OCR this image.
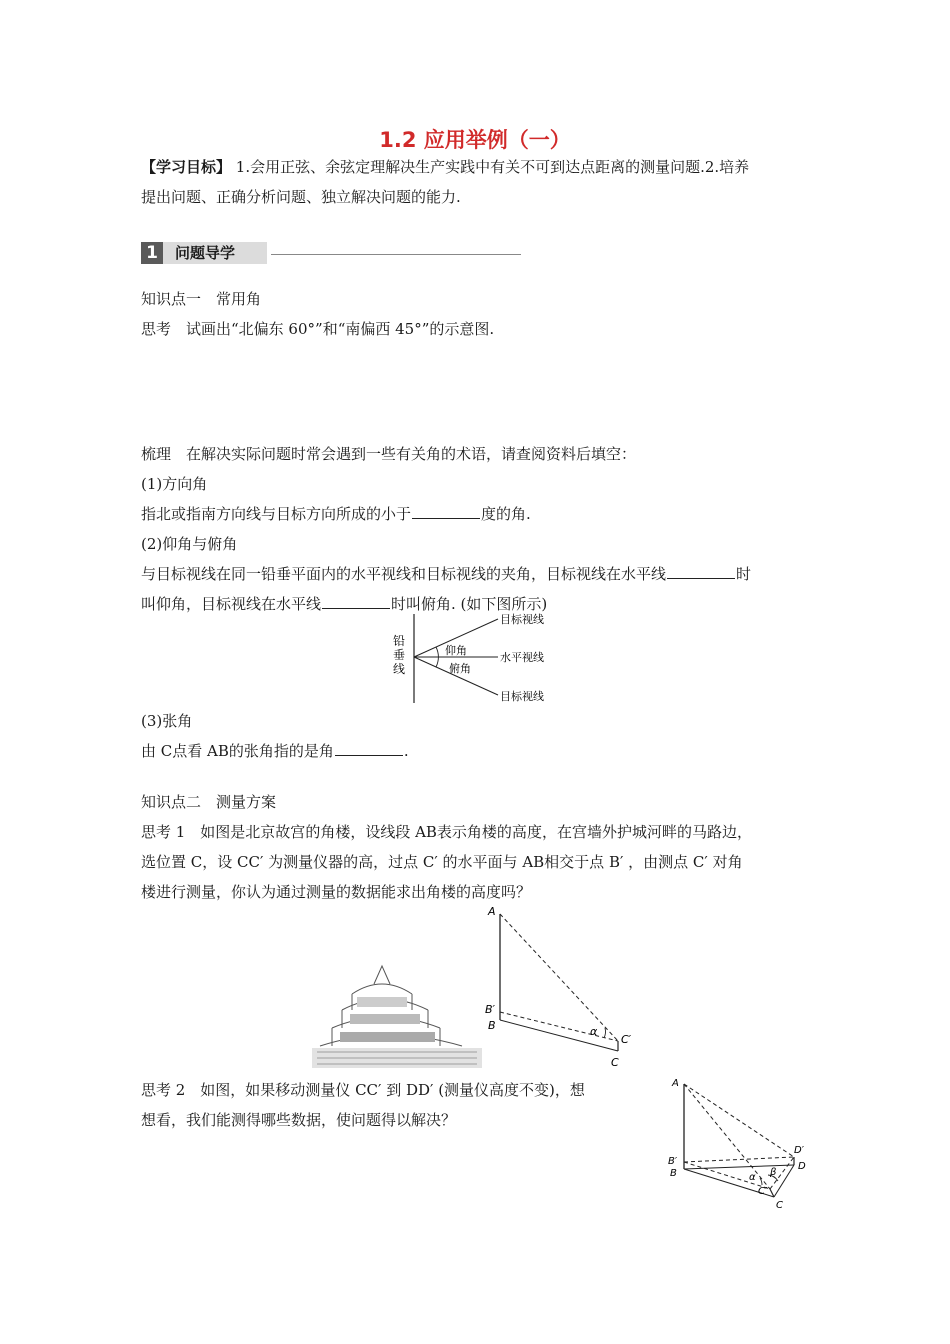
1.2 应用举例（一）
【学习目标】 1.会用正弦、余弦定理解决生产实践中有关不可到达点距离的测量问题.2.培养
提出问题、正确分析问题、独立解决问题的能力.
1	问题导学
知识点一　常用角
思考　试画出“北偏东 60°”和“南偏西 45°”的示意图.
梳理　在解决实际问题时常会遇到一些有关角的术语，请查阅资料后填空：
(1)方向角
指北或指南方向线与目标方向所成的小于	度的角.
(2)仰角与俯角
与目标视线在同一铅垂平面内的水平视线和目标视线的夹角，目标视线在水平线	时
叫仰角，目标视线在水平线	时叫俯角. (如下图所示)
铅
垂
线
仰角
俯角
目标视线
水平视线
目标视线
(3)张角
由 C点看 AB的张角指的是角	.
知识点二　测量方案
思考 1　如图是北京故宫的角楼，设线段 AB表示角楼的高度，在宫墙外护城河畔的马路边，
选位置 C，设 CC′ 为测量仪器的高，过点 C′ 的水平面与 AB相交于点 B′ ，由测点 C′ 对角
楼进行测量，你认为通过测量的数据能求出角楼的高度吗？
A
B′
B	α
C′
C
思考 2　如图，如果移动测量仪 CC′ 到 DD′ (测量仪高度不变)，想
想看，我们能测得哪些数据，使问题得以解决？
A
D′
B′
B	β
D
α
C′
C
